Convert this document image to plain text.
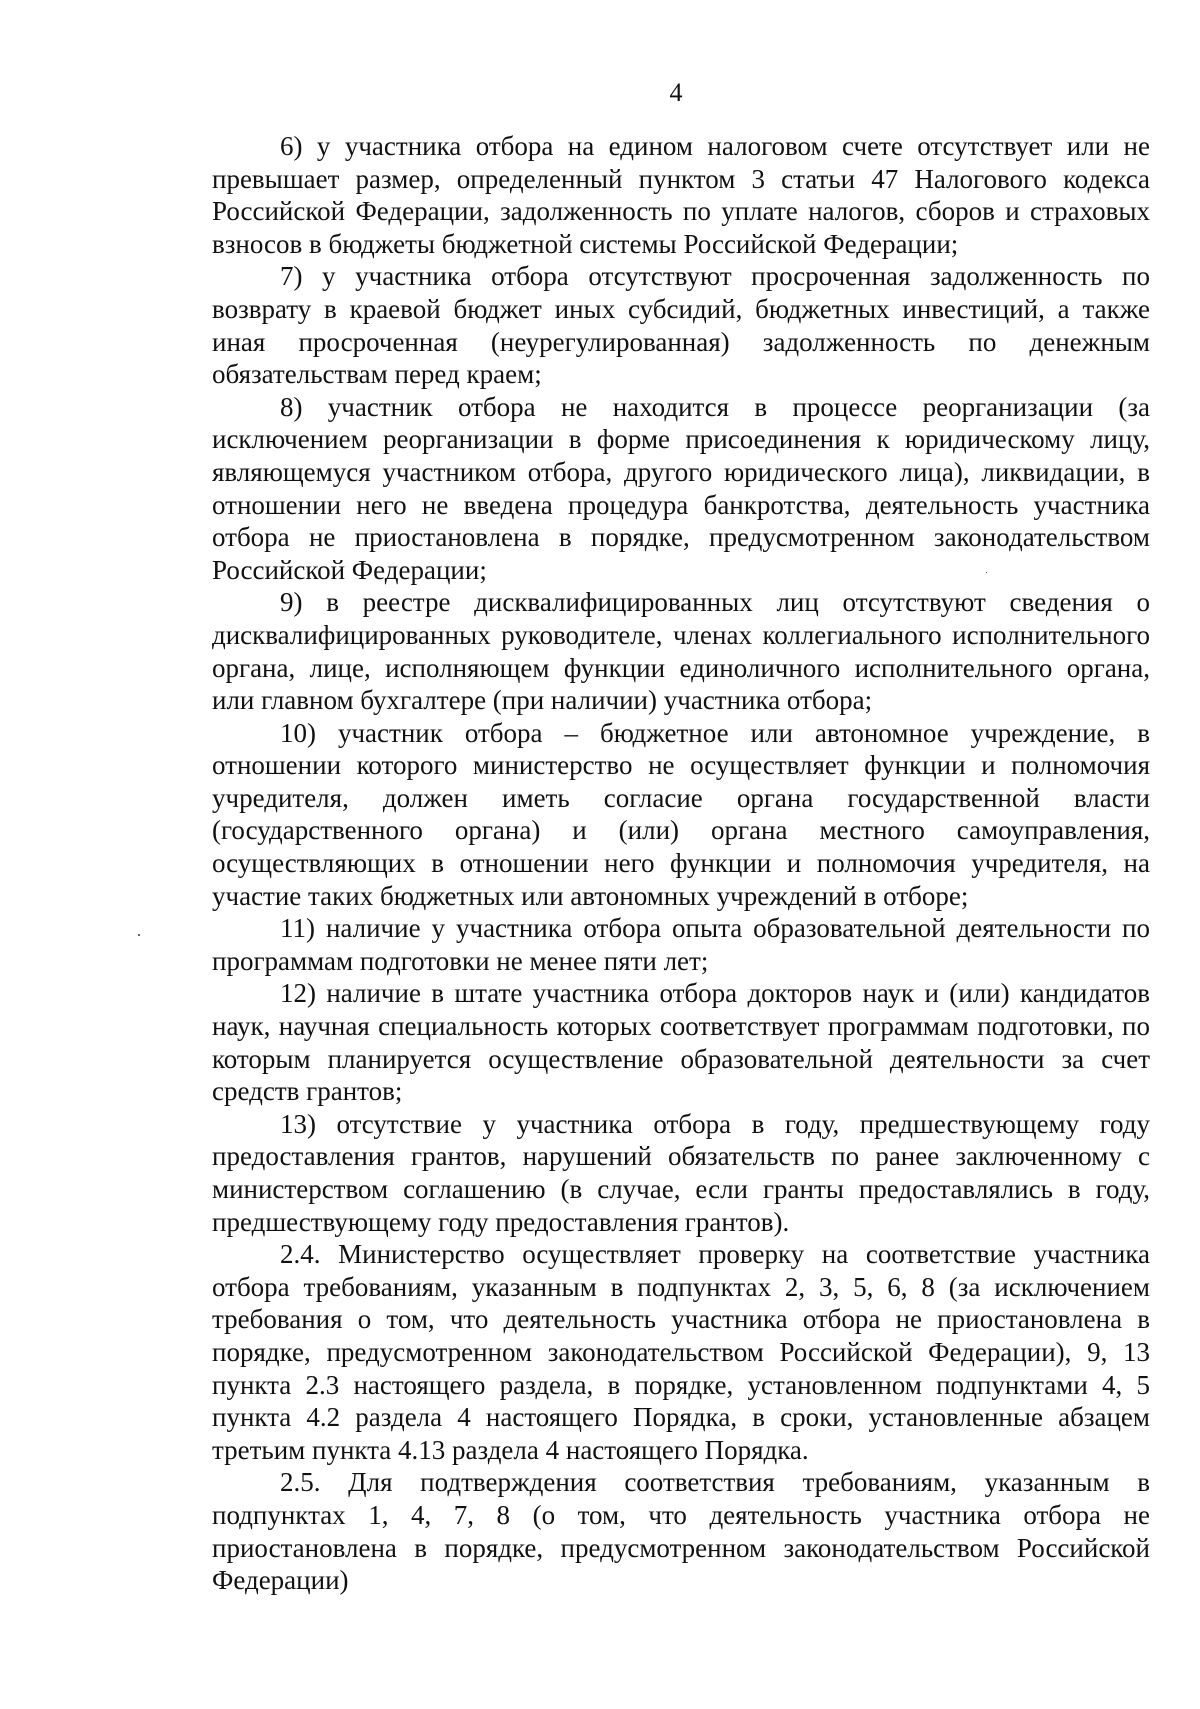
4

6) у участника отбора на едином налоговом счете отсутствует или не превышает размер, определенный пунктом 3 статьи 47 Налогового кодекса Российской Федерации, задолженность по уплате налогов, сборов и страховых взносов в бюджеты бюджетной системы Российской Федерации;

7) у участника отбора отсутствуют просроченная задолженность по возврату в краевой бюджет иных субсидий, бюджетных инвестиций, а также иная просроченная (неурегулированная) задолженность по денежным обязательствам перед краем;

8) участник отбора не находится в процессе реорганизации (за исключением реорганизации в форме присоединения к юридическому лицу, являющемуся участником отбора, другого юридического лица), ликвидации, в отношении него не введена процедура банкротства, деятельность участника отбора не приостановлена в порядке, предусмотренном законодательством Российской Федерации;

9) в реестре дисквалифицированных лиц отсутствуют сведения о дисквалифицированных руководителе, членах коллегиального исполнительного органа, лице, исполняющем функции единоличного исполнительного органа, или главном бухгалтере (при наличии) участника отбора;

10) участник отбора – бюджетное или автономное учреждение, в отношении которого министерство не осуществляет функции и полномочия учредителя, должен иметь согласие органа государственной власти (государственного органа) и (или) органа местного самоуправления, осуществляющих в отношении него функции и полномочия учредителя, на участие таких бюджетных или автономных учреждений в отборе;

11) наличие у участника отбора опыта образовательной деятельности по программам подготовки не менее пяти лет;

12) наличие в штате участника отбора докторов наук и (или) кандидатов наук, научная специальность которых соответствует программам подготовки, по которым планируется осуществление образовательной деятельности за счет средств грантов;

13) отсутствие у участника отбора в году, предшествующему году предоставления грантов, нарушений обязательств по ранее заключенному с министерством соглашению (в случае, если гранты предоставлялись в году, предшествующему году предоставления грантов).

2.4. Министерство осуществляет проверку на соответствие участника отбора требованиям, указанным в подпунктах 2, 3, 5, 6, 8 (за исключением требования о том, что деятельность участника отбора не приостановлена в порядке, предусмотренном законодательством Российской Федерации), 9, 13 пункта 2.3 настоящего раздела, в порядке, установленном подпунктами 4, 5 пункта 4.2 раздела 4 настоящего Порядка, в сроки, установленные абзацем третьим пункта 4.13 раздела 4 настоящего Порядка.

2.5. Для подтверждения соответствия требованиям, указанным в подпунктах 1, 4, 7, 8 (о том, что деятельность участника отбора не приостановлена в порядке, предусмотренном законодательством Российской Федерации)
